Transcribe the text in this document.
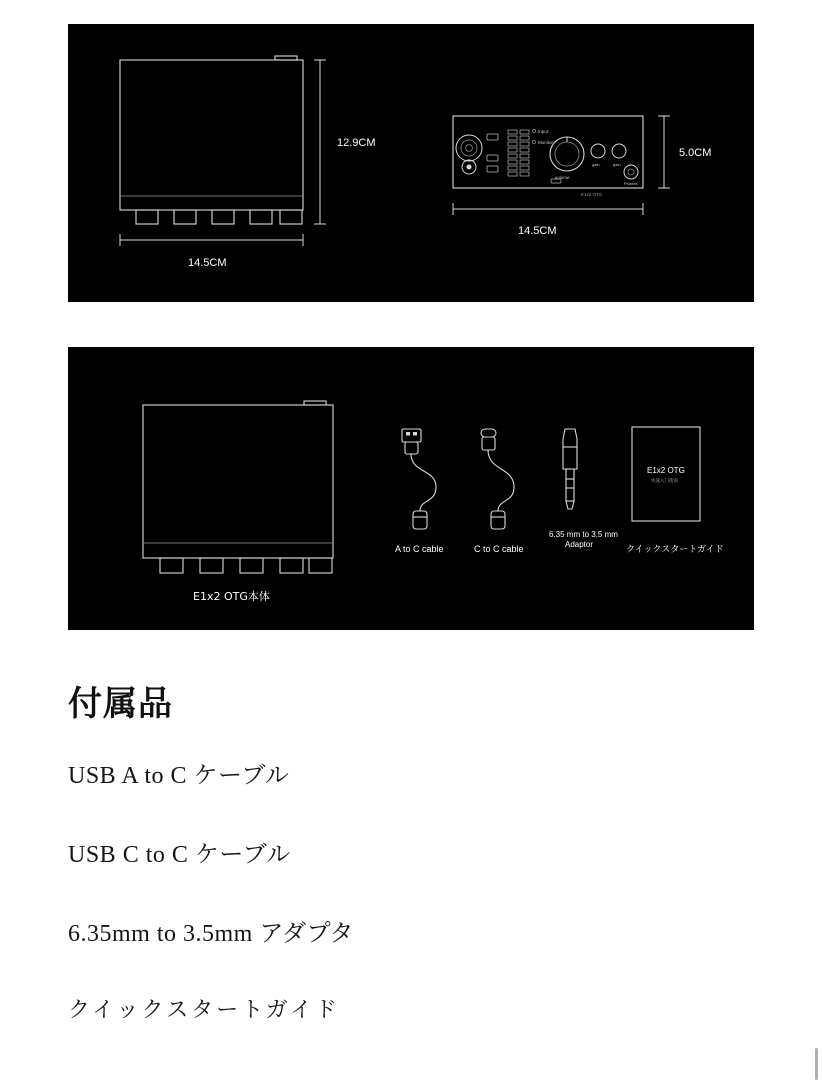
12.9CM
14.5CM
Input
Monitor
volume
gain	gain
Phones
E1x2 OTG
14.5CM
5.0CM
E1x2 OTG本体
A to C cable	C to C cable
6.35 mm to 3.5 mm
Adaptor
E1x2 OTG
快速入门指南
クイックスタートガイド
付属品
USB A to C ケーブル
USB C to C ケーブル
6.35mm to 3.5mm アダプタ
クイックスタートガイド
